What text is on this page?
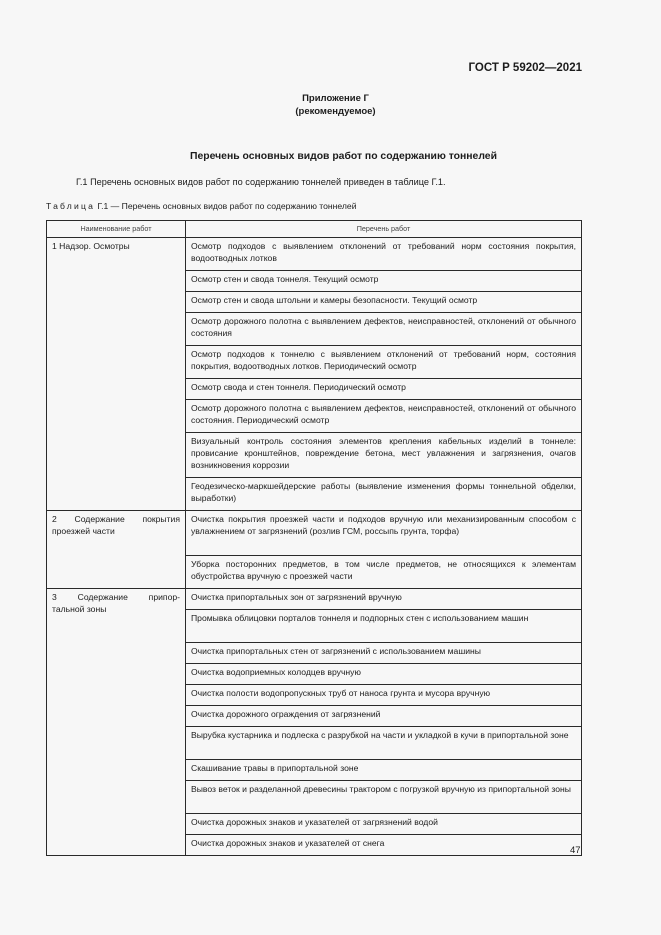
ГОСТ Р 59202—2021
Приложение Г
(рекомендуемое)
Перечень основных видов работ по содержанию тоннелей
Г.1 Перечень основных видов работ по содержанию тоннелей приведен в таблице Г.1.
Таблица Г.1 — Перечень основных видов работ по содержанию тоннелей
Наименование работ	Перечень работ
1 Надзор. Осмотры	Осмотр подходов с выявлением отклонений от требований норм состояния покрытия, водоотводных лотков
	Осмотр стен и свода тоннеля. Текущий осмотр
	Осмотр стен и свода штольни и камеры безопасности. Текущий осмотр
	Осмотр дорожного полотна с выявлением дефектов, неисправностей, отклонений от обычного состояния
	Осмотр подходов к тоннелю с выявлением отклонений от требований норм, состояния покрытия, водоотводных лотков. Периодический осмотр
	Осмотр свода и стен тоннеля. Периодический осмотр
	Осмотр дорожного полотна с выявлением дефектов, неисправностей, отклонений от обычного состояния. Периодический осмотр
	Визуальный контроль состояния элементов крепления кабельных изделий в тоннеле: провисание кронштейнов, повреждение бетона, мест увлажнения и загрязнения, очагов возникновения коррозии
	Геодезическо-маркшейдерские работы (выявление изменения формы тоннельной обделки, выработки)

2 Содержание покрытия
проезжей части	Очистка покрытия проезжей части и подходов вручную или механизированным способом с увлажнением от загрязнений (розлив ГСМ, россыпь грунта, торфа)
	Уборка посторонних предметов, в том числе предметов, не относящихся к элементам обустройства вручную с проезжей части

3 Содержание припор-
тальной зоны	Очистка припортальных зон от загрязнений вручную
	Промывка облицовки порталов тоннеля и подпорных стен с использованием машин
	Очистка припортальных стен от загрязнений с использованием машины
	Очистка водоприемных колодцев вручную
	Очистка полости водопропускных труб от наноса грунта и мусора вручную
	Очистка дорожного ограждения от загрязнений
	Вырубка кустарника и подлеска с разрубкой на части и укладкой в кучи в припортальной зоне
	Скашивание травы в припортальной зоне
	Вывоз веток и разделанной древесины трактором с погрузкой вручную из припортальной зоны
	Очистка дорожных знаков и указателей от загрязнений водой
	Очистка дорожных знаков и указателей от снега
47
